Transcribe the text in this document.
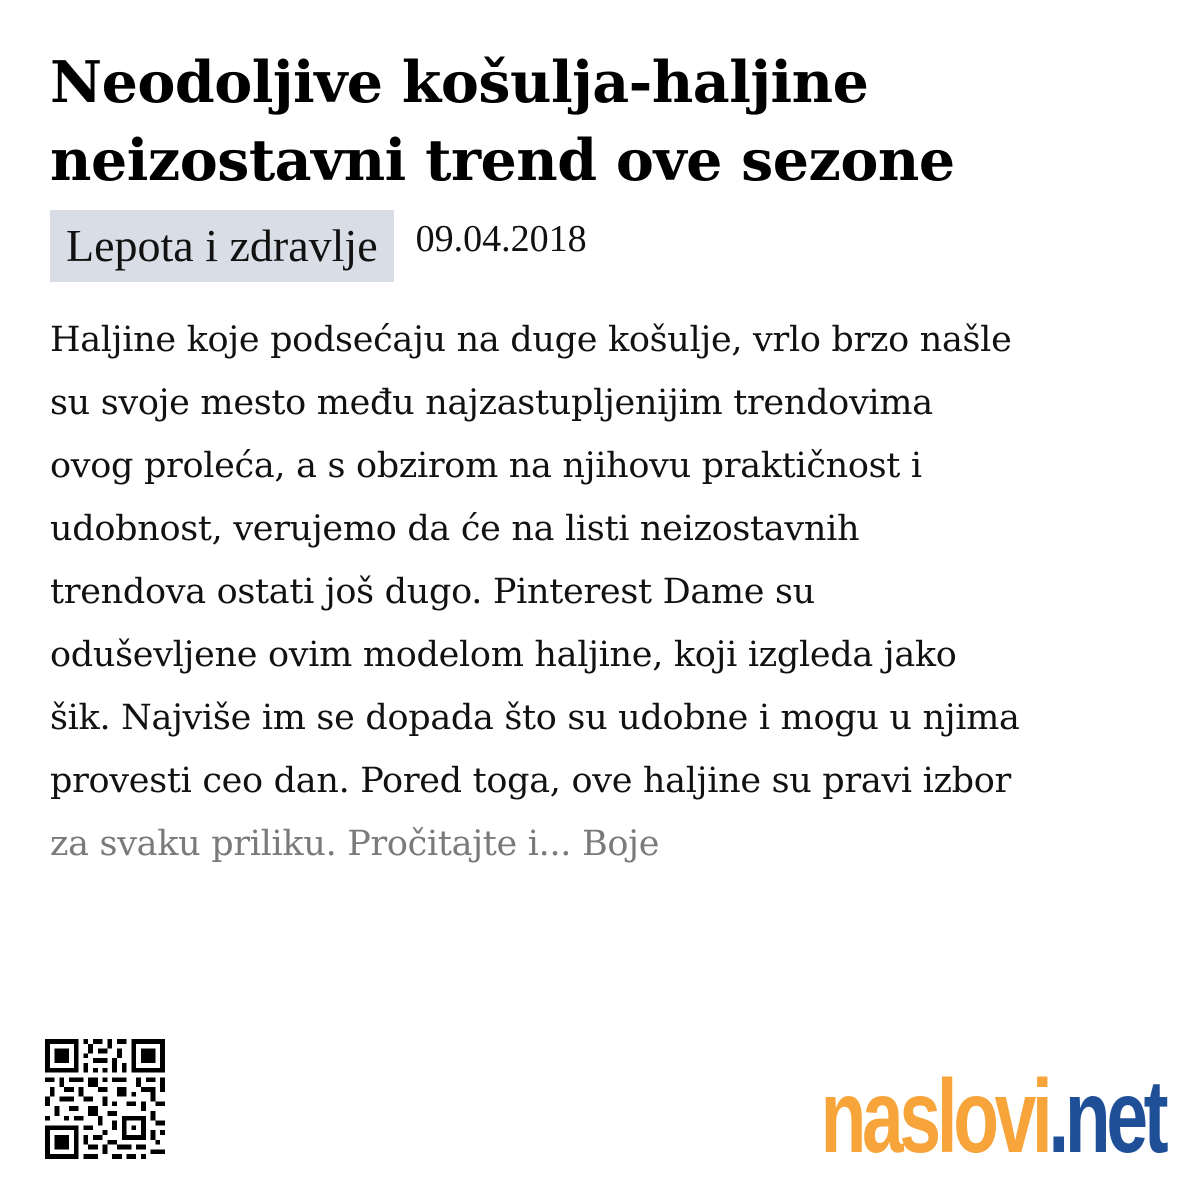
Neodoljive košulja-haljine neizostavni trend ove sezone
Lepota i zdravlje	09.04.2018

Haljine koje podsećaju na duge košulje, vrlo brzo našle
su svoje mesto među najzastupljenijim trendovima
ovog proleća, a s obzirom na njihovu praktičnost i
udobnost, verujemo da će na listi neizostavnih
trendova ostati još dugo. Pinterest Dame su
oduševljene ovim modelom haljine, koji izgleda jako
šik. Najviše im se dopada što su udobne i mogu u njima
provesti ceo dan. Pored toga, ove haljine su pravi izbor
za svaku priliku. Pročitajte i... Boje

naslovi.net
